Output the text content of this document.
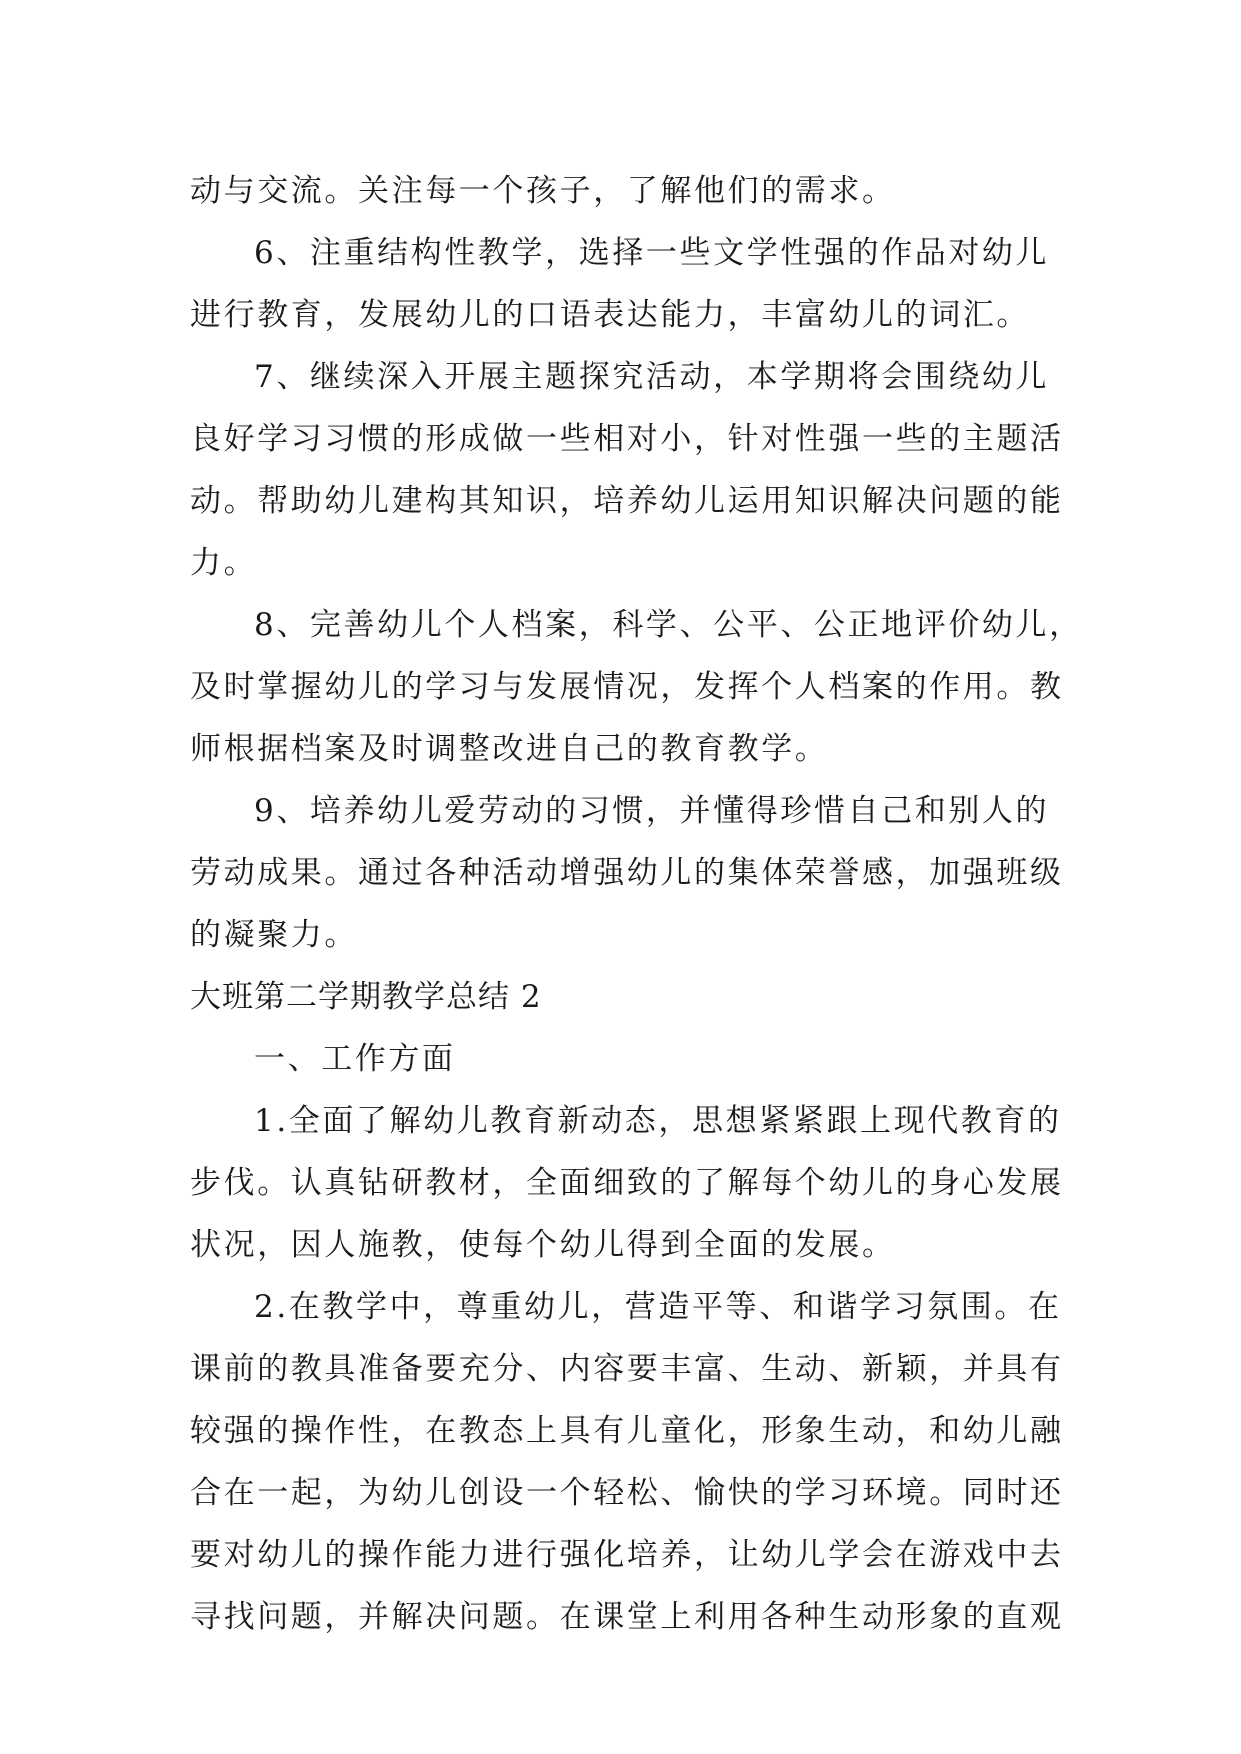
动与交流。关注每一个孩子，了解他们的需求。
6、注重结构性教学，选择一些文学性强的作品对幼儿
进行教育，发展幼儿的口语表达能力，丰富幼儿的词汇。
7、继续深入开展主题探究活动，本学期将会围绕幼儿
良好学习习惯的形成做一些相对小，针对性强一些的主题活
动。帮助幼儿建构其知识，培养幼儿运用知识解决问题的能
力。
8、完善幼儿个人档案，科学、公平、公正地评价幼儿，
及时掌握幼儿的学习与发展情况，发挥个人档案的作用。教
师根据档案及时调整改进自己的教育教学。
9、培养幼儿爱劳动的习惯，并懂得珍惜自己和别人的
劳动成果。通过各种活动增强幼儿的集体荣誉感，加强班级
的凝聚力。
大班第二学期教学总结 2
一、工作方面
1.全面了解幼儿教育新动态，思想紧紧跟上现代教育的
步伐。认真钻研教材，全面细致的了解每个幼儿的身心发展
状况，因人施教，使每个幼儿得到全面的发展。
2.在教学中，尊重幼儿，营造平等、和谐学习氛围。在
课前的教具准备要充分、内容要丰富、生动、新颖，并具有
较强的操作性，在教态上具有儿童化，形象生动，和幼儿融
合在一起，为幼儿创设一个轻松、愉快的学习环境。同时还
要对幼儿的操作能力进行强化培养，让幼儿学会在游戏中去
寻找问题，并解决问题。在课堂上利用各种生动形象的直观
